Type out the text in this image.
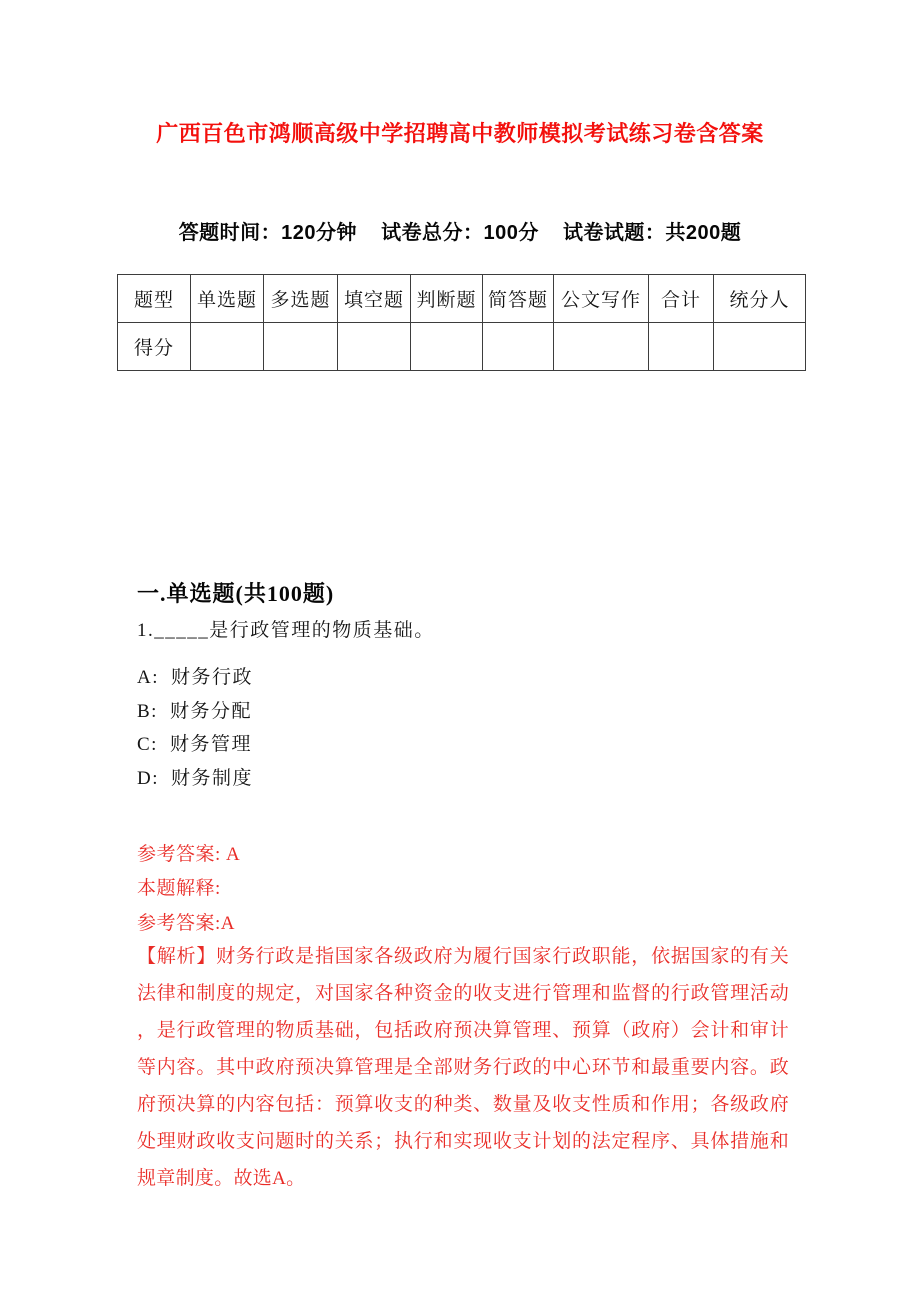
广西百色市鸿顺高级中学招聘高中教师模拟考试练习卷含答案
答题时间：120分钟 试卷总分：100分 试卷试题：共200题
题型	单选题	多选题	填空题	判断题	简答题	公文写作	合计	统分人
得分								
一.单选题(共100题)
1._____是行政管理的物质基础。
A: 财务行政
B: 财务分配
C: 财务管理
D: 财务制度
参考答案: A
本题解释:
参考答案:A
【解析】财务行政是指国家各级政府为履行国家行政职能，依据国家的有关法律和制度的规定，对国家各种资金的收支进行管理和监督的行政管理活动，是行政管理的物质基础，包括政府预决算管理、预算（政府）会计和审计等内容。其中政府预决算管理是全部财务行政的中心环节和最重要内容。政府预决算的内容包括：预算收支的种类、数量及收支性质和作用；各级政府处理财政收支问题时的关系；执行和实现收支计划的法定程序、具体措施和规章制度。故选A。
